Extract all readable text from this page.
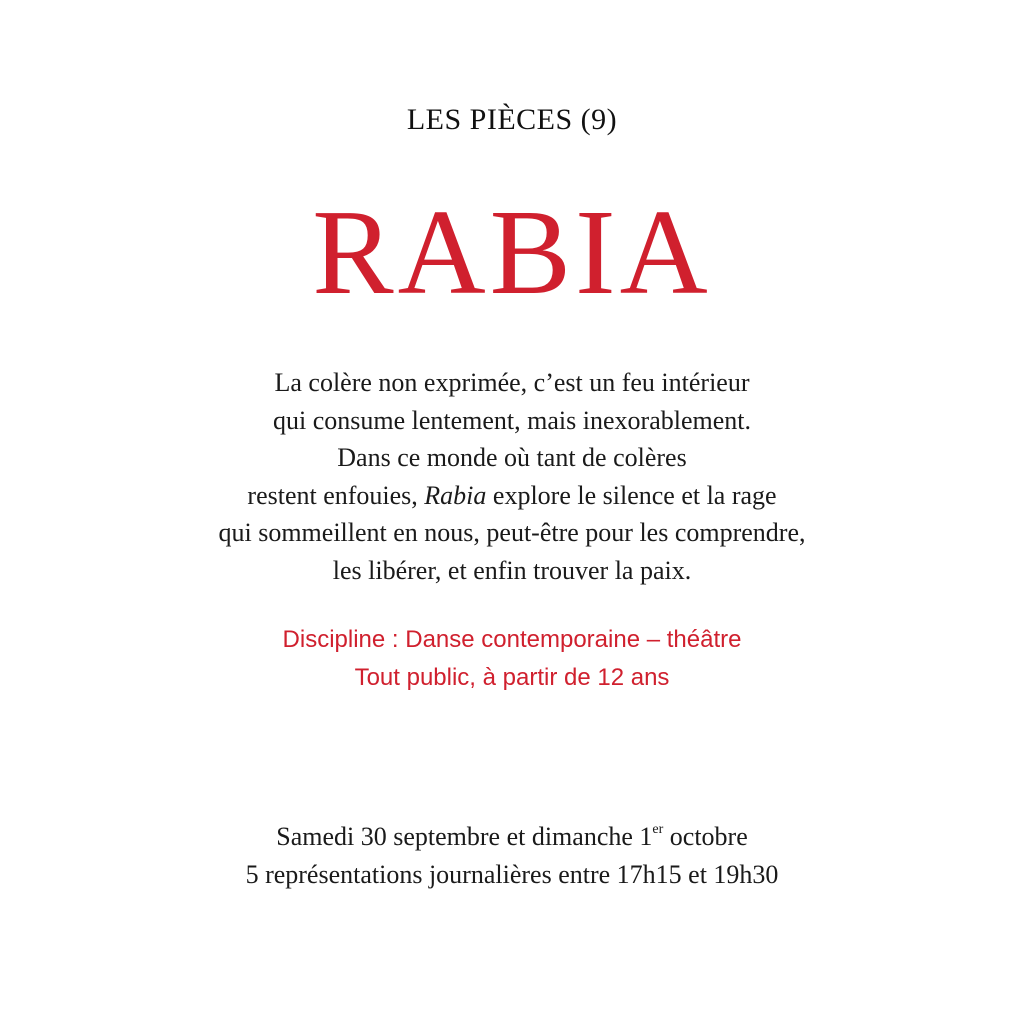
LES PIÈCES (9)
RABIA
La colère non exprimée, c’est un feu intérieur
qui consume lentement, mais inexorablement.
Dans ce monde où tant de colères
restent enfouies, Rabia explore le silence et la rage
qui sommeillent en nous, peut-être pour les comprendre,
les libérer, et enfin trouver la paix.
Discipline : Danse contemporaine – théâtre
Tout public, à partir de 12 ans
Samedi 30 septembre et dimanche 1er octobre
5 représentations journalières entre 17h15 et 19h30
